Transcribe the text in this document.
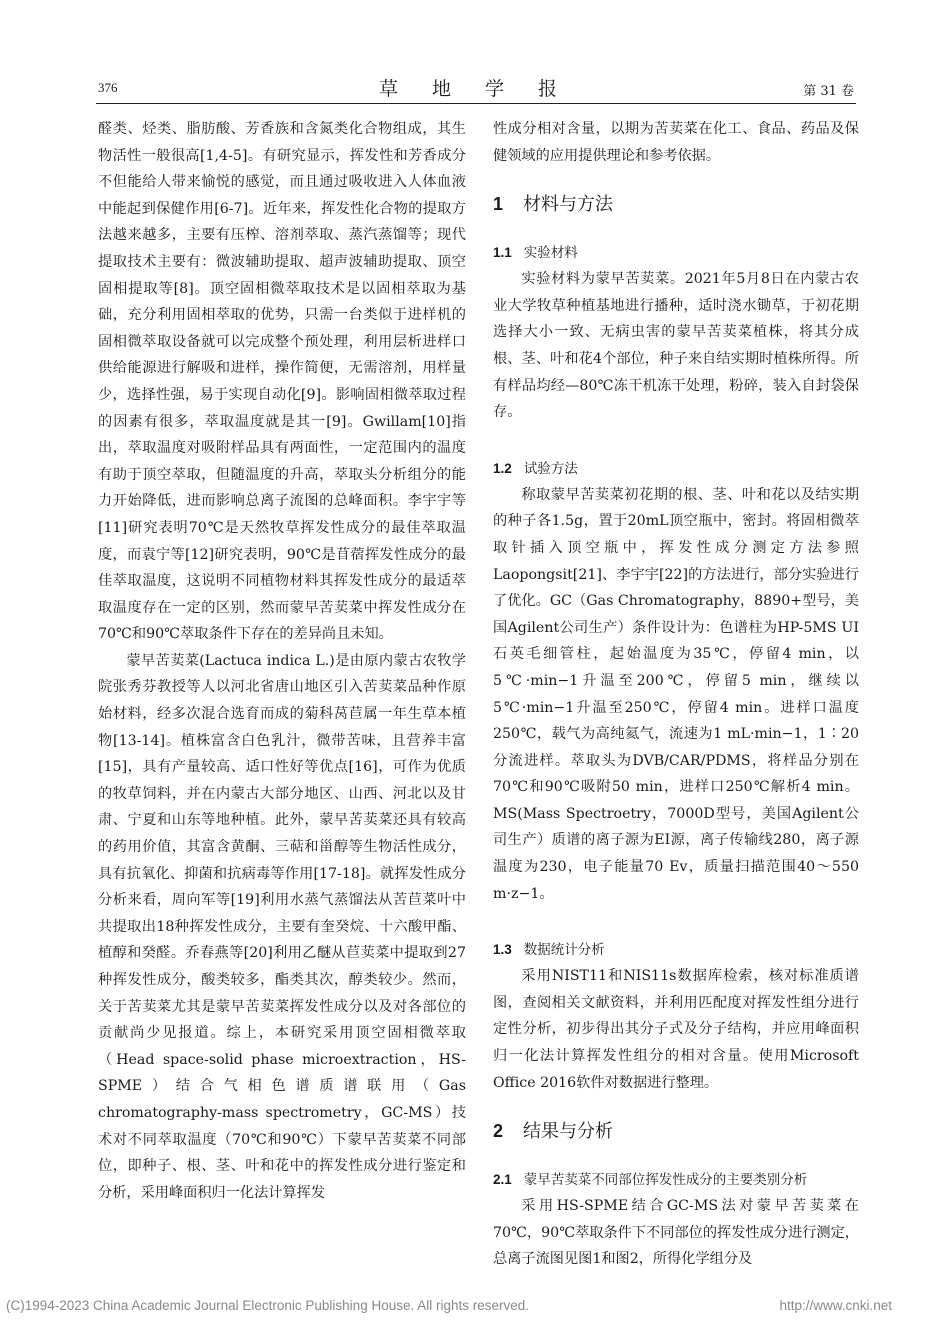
376	草 地 学 报	第 31 卷

醛类、烃类、脂肪酸、芳香族和含氮类化合物组成，其生物活性一般很高[1,4-5]。有研究显示，挥发性和芳香成分不但能给人带来愉悦的感觉，而且通过吸收进入人体血液中能起到保健作用[6-7]。近年来，挥发性化合物的提取方法越来越多，主要有压榨、溶剂萃取、蒸汽蒸馏等；现代提取技术主要有：微波辅助提取、超声波辅助提取、顶空固相提取等[8]。顶空固相微萃取技术是以固相萃取为基础，充分利用固相萃取的优势，只需一台类似于进样机的固相微萃取设备就可以完成整个预处理，利用层析进样口供给能源进行解吸和进样，操作简便，无需溶剂，用样量少，选择性强，易于实现自动化[9]。影响固相微萃取过程的因素有很多，萃取温度就是其一[9]。Gwillam[10]指出，萃取温度对吸附样品具有两面性，一定范围内的温度有助于顶空萃取，但随温度的升高，萃取头分析组分的能力开始降低，进而影响总离子流图的总峰面积。李宇宇等[11]研究表明70℃是天然牧草挥发性成分的最佳萃取温度，而袁宁等[12]研究表明，90℃是苜蓿挥发性成分的最佳萃取温度，这说明不同植物材料其挥发性成分的最适萃取温度存在一定的区别，然而蒙早苦荬菜中挥发性成分在70℃和90℃萃取条件下存在的差异尚且未知。

蒙早苦荬菜(Lactuca indica L.)是由原内蒙古农牧学院张秀芬教授等人以河北省唐山地区引入苦荬菜品种作原始材料，经多次混合选育而成的菊科莴苣属一年生草本植物[13-14]。植株富含白色乳汁，微带苦味，且营养丰富[15]，具有产量较高、适口性好等优点[16]，可作为优质的牧草饲料，并在内蒙古大部分地区、山西、河北以及甘肃、宁夏和山东等地种植。此外，蒙早苦荬菜还具有较高的药用价值，其富含黄酮、三萜和甾醇等生物活性成分，具有抗氧化、抑菌和抗病毒等作用[17-18]。就挥发性成分分析来看，周向军等[19]利用水蒸气蒸馏法从苦苣菜叶中共提取出18种挥发性成分，主要有奎癸烷、十六酸甲酯、植醇和癸醛。乔春燕等[20]利用乙醚从苣荬菜中提取到27种挥发性成分，酸类较多，酯类其次，醇类较少。然而，关于苦荬菜尤其是蒙早苦荬菜挥发性成分以及对各部位的贡献尚少见报道。综上，本研究采用顶空固相微萃取（Head space-solid phase microextraction，HS-SPME）结合气相色谱质谱联用（Gas chromatography-mass spectrometry，GC-MS）技术对不同萃取温度（70℃和90℃）下蒙早苦荬菜不同部位，即种子、根、茎、叶和花中的挥发性成分进行鉴定和分析，采用峰面积归一化法计算挥发

性成分相对含量，以期为苦荬菜在化工、食品、药品及保健领域的应用提供理论和参考依据。

1 材料与方法
1.1 实验材料

实验材料为蒙早苦荬菜。2021年5月8日在内蒙古农业大学牧草种植基地进行播种，适时浇水锄草，于初花期选择大小一致、无病虫害的蒙早苦荬菜植株，将其分成根、茎、叶和花4个部位，种子来自结实期时植株所得。所有样品均经—80℃冻干机冻干处理，粉碎，装入自封袋保存。

1.2 试验方法

称取蒙早苦荬菜初花期的根、茎、叶和花以及结实期的种子各1.5g，置于20mL顶空瓶中，密封。将固相微萃取针插入顶空瓶中，挥发性成分测定方法参照Laopongsit[21]、李宇宇[22]的方法进行，部分实验进行了优化。GC（Gas Chromatography，8890+型号，美国Agilent公司生产）条件设计为：色谱柱为HP-5MS UI石英毛细管柱，起始温度为35℃，停留4 min，以5℃·min−1升温至200℃，停留5 min，继续以5℃·min−1升温至250℃，停留4 min。进样口温度250℃，载气为高纯氦气，流速为1 mL·min−1，1∶20分流进样。萃取头为DVB/CAR/PDMS，将样品分别在70℃和90℃吸附50 min，进样口250℃解析4 min。MS(Mass Spectroetry，7000D型号，美国Agilent公司生产）质谱的离子源为EI源，离子传输线280，离子源温度为230，电子能量70 Ev，质量扫描范围40～550 m·z−1。

1.3 数据统计分析

采用NIST11和NIS11s数据库检索，核对标准质谱图，查阅相关文献资料，并利用匹配度对挥发性组分进行定性分析，初步得出其分子式及分子结构，并应用峰面积归一化法计算挥发性组分的相对含量。使用Microsoft Office 2016软件对数据进行整理。

2 结果与分析
2.1 蒙早苦荬菜不同部位挥发性成分的主要类别分析

采用HS-SPME结合GC-MS法对蒙早苦荬菜在70℃，90℃萃取条件下不同部位的挥发性成分进行测定，总离子流图见图1和图2，所得化学组分及

(C)1994-2023 China Academic Journal Electronic Publishing House. All rights reserved.	http://www.cnki.net
